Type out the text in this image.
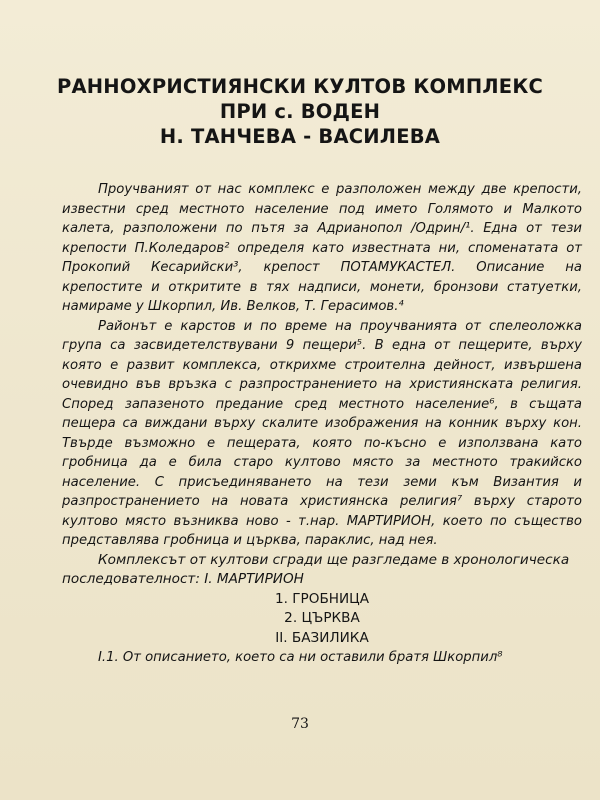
РАННОХРИСТИЯНСКИ КУЛТОВ КОМПЛЕКС
ПРИ с. ВОДЕН
Н. ТАНЧЕВА - ВАСИЛЕВА

Проучваният от нас комплекс е разположен между две крепости, известни сред местното население под името Голямото и Малкото калета, разположени по пътя за Адрианопол /Одрин/¹. Една от тези крепости П.Коледаров² определя като известната ни, споменатата от Прокопий Кесарийски³, крепост ПОТАМУКАСТЕЛ. Описание на крепостите и откритите в тях надписи, монети, бронзови статуетки, намираме у Шкорпил, Ив. Велков, Т. Герасимов.⁴

Районът е карстов и по време на проучванията от спелеоложка група са засвидетелствувани 9 пещери⁵. В една от пещерите, върху която е развит комплекса, открихме строителна дейност, извършена очевидно във връзка с разпространението на християнската религия. Според запазеното предание сред местното население⁶, в същата пещера са виждани върху скалите изображения на конник върху кон. Твърде възможно е пещерата, която по-късно е използвана като гробница да е била старо култово място за местното тракийско население. С присъединяването на тези земи към Византия и разпространението на новата християнска религия⁷ върху старото култово място възниква ново - т.нар. МАРТИРИОН, което по същество представлява гробница и църква, параклис, над нея.

Комплексът от култови сгради ще разгледаме в хронологическа последователност: I. МАРТИРИОН
1. ГРОБНИЦА
2. ЦЪРКВА
II. БАЗИЛИКА

I.1. От описанието, което са ни оставили братя Шкорпил⁸

73
